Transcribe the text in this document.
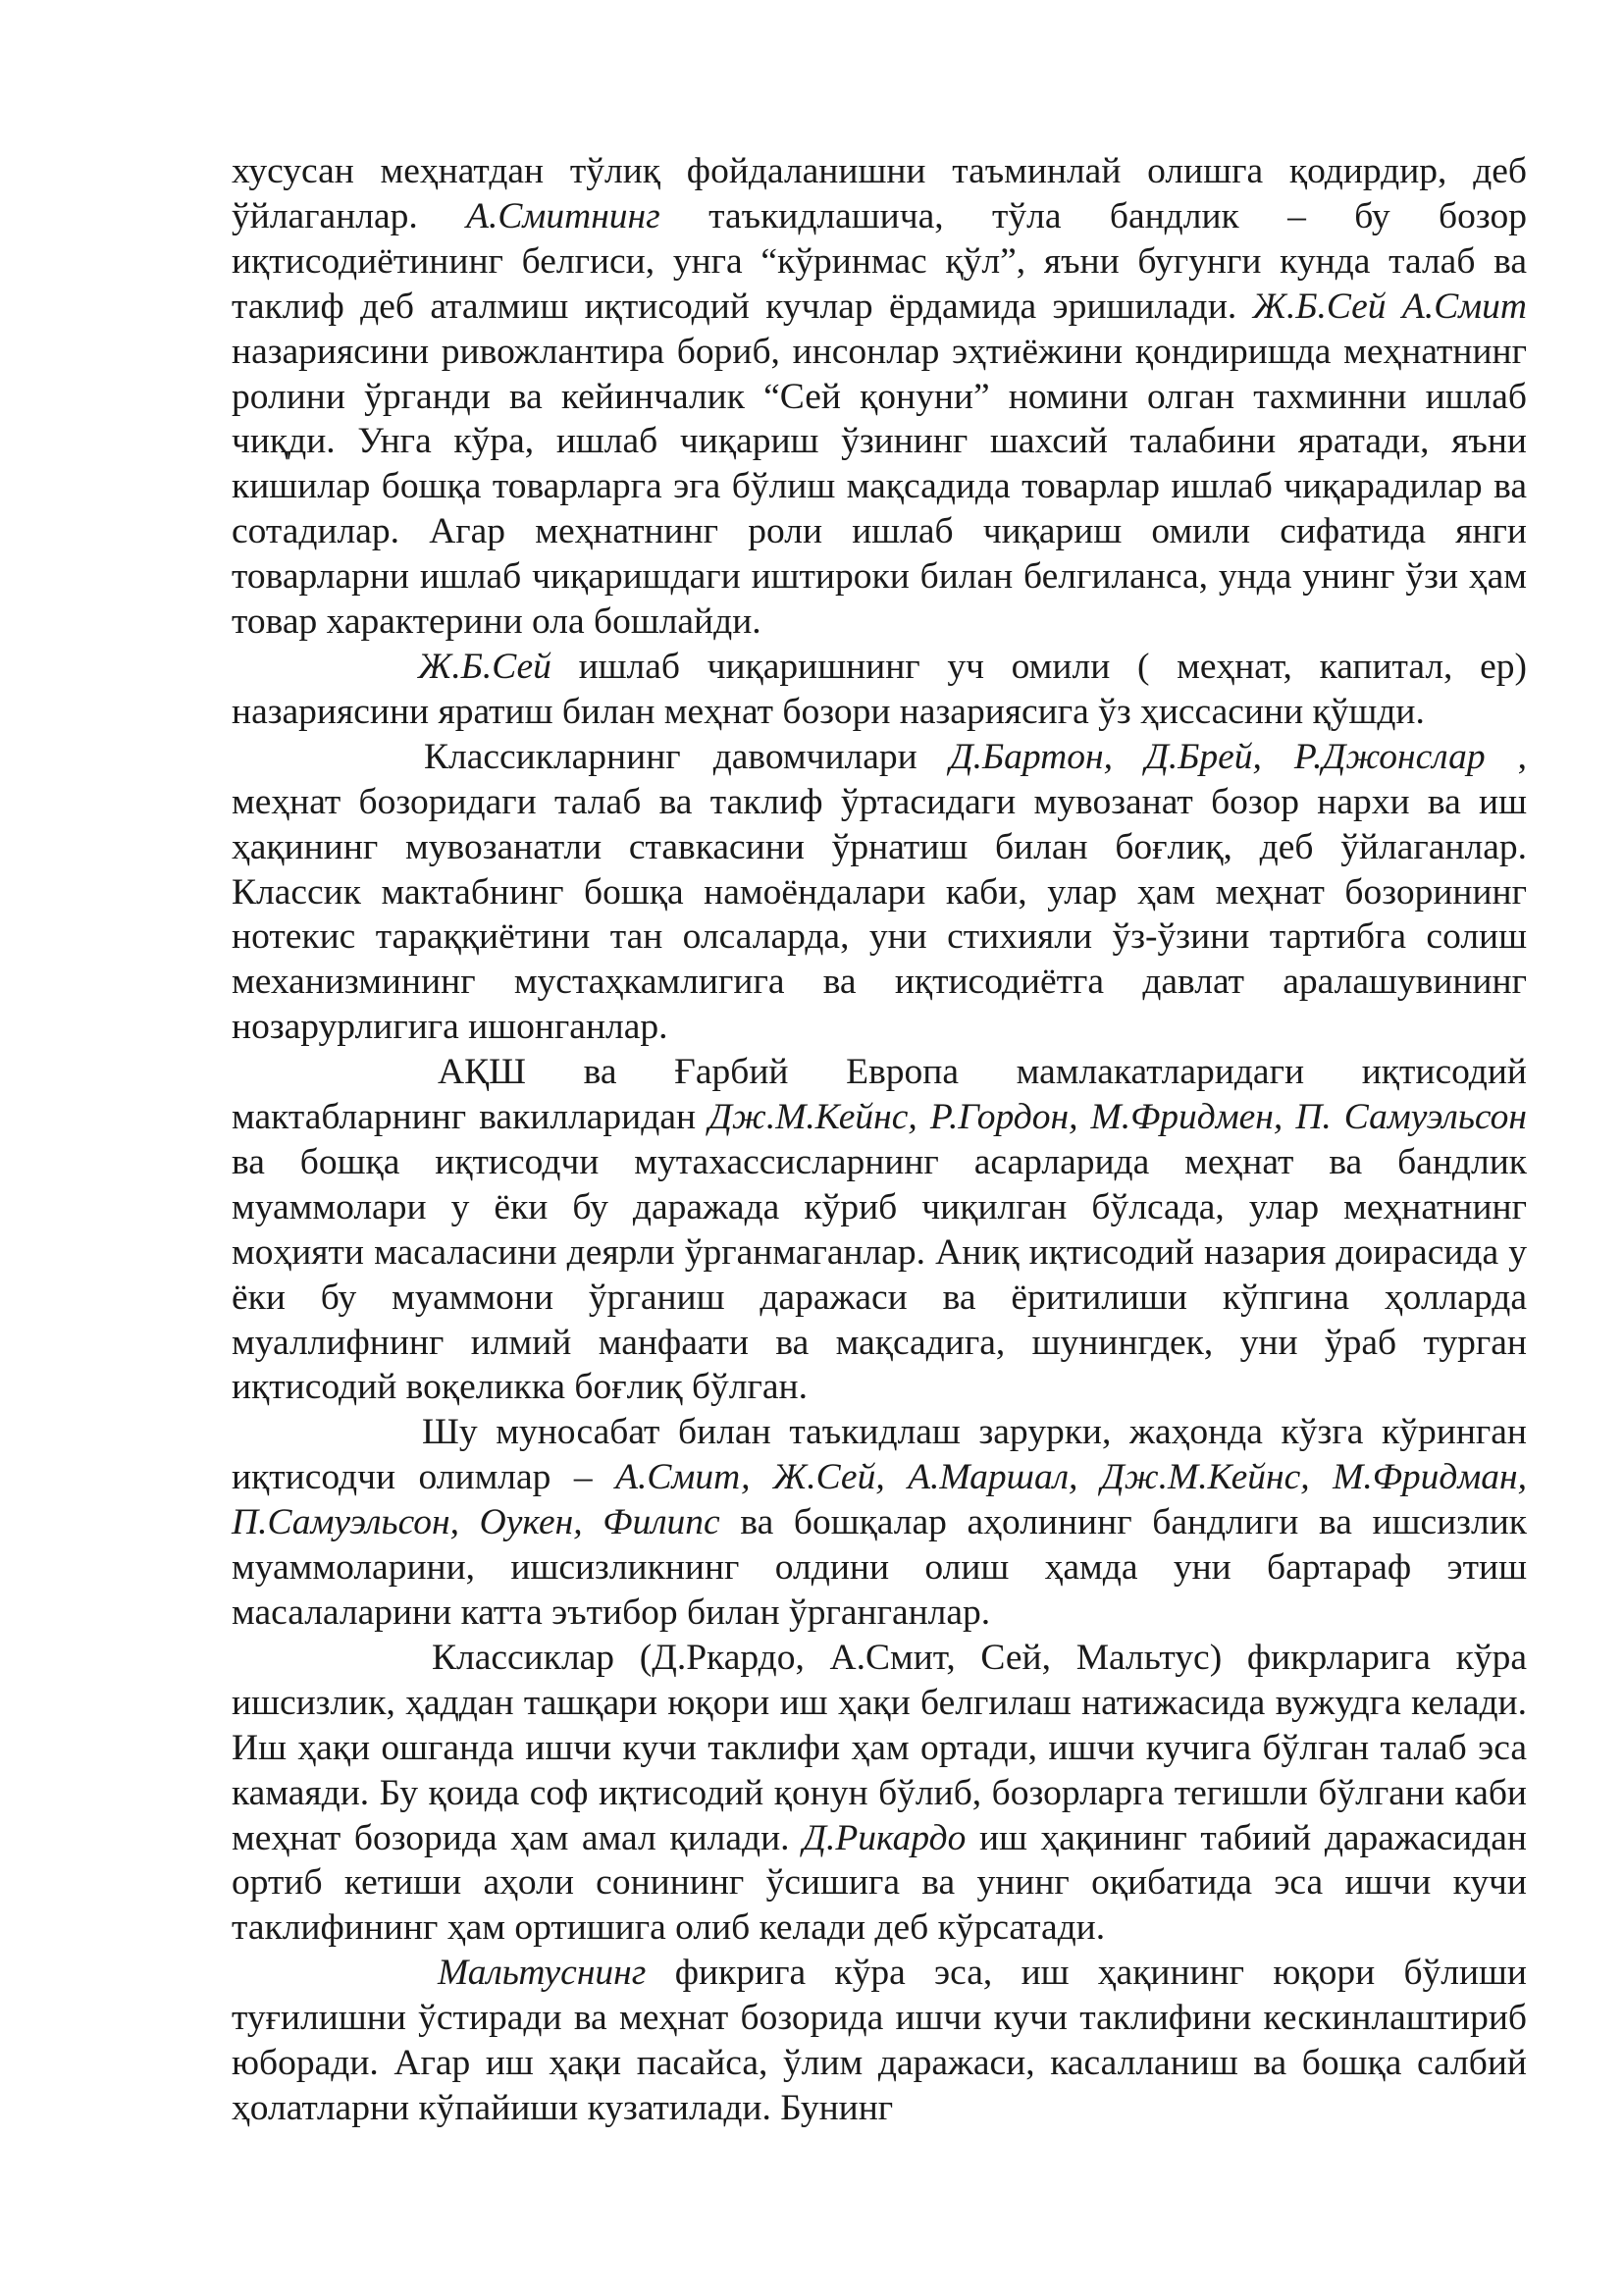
хусусан меҳнатдан тўлиқ фойдаланишни таъминлай олишга қодирдир, деб ўйлаганлар. А.Смитнинг таъкидлашича, тўла бандлик – бу бозор иқтисодиётининг белгиси, унга “кўринмас қўл”, яъни бугунги кунда талаб ва таклиф деб аталмиш иқтисодий кучлар ёрдамида эришилади. Ж.Б.Сей А.Смит назариясини ривожлантира бориб, инсонлар эҳтиёжини қондиришда меҳнатнинг ролини ўрганди ва кейинчалик “Сей қонуни” номини олган тахминни ишлаб чиқди. Унга кўра, ишлаб чиқариш ўзининг шахсий талабини яратади, яъни кишилар бошқа товарларга эга бўлиш мақсадида товарлар ишлаб чиқарадилар ва сотадилар. Агар меҳнатнинг роли ишлаб чиқариш омили сифатида янги товарларни ишлаб чиқаришдаги иштироки билан белгиланса, унда унинг ўзи ҳам товар характерини ола бошлайди.

Ж.Б.Сей ишлаб чиқаришнинг уч омили ( меҳнат, капитал, ер) назариясини яратиш билан меҳнат бозори назариясига ўз ҳиссасини қўшди.

Классикларнинг давомчилари Д.Бартон, Д.Брей, Р.Джонслар , меҳнат бозоридаги талаб ва таклиф ўртасидаги мувозанат бозор нархи ва иш ҳақининг мувозанатли ставкасини ўрнатиш билан боғлиқ, деб ўйлаганлар. Классик мактабнинг бошқа намоёндалари каби, улар ҳам меҳнат бозорининг нотекис тараққиётини тан олсаларда, уни стихияли ўз-ўзини тартибга солиш механизмининг мустаҳкамлигига ва иқтисодиётга давлат аралашувининг нозарурлигига ишонганлар.

АҚШ ва Ғарбий Европа мамлакатларидаги иқтисодий мактабларнинг вакилларидан Дж.М.Кейнс, Р.Гордон, М.Фридмен, П. Самуэльсон ва бошқа иқтисодчи мутахассисларнинг асарларида меҳнат ва бандлик муаммолари у ёки бу даражада кўриб чиқилган бўлсада, улар меҳнатнинг моҳияти масаласини деярли ўрганмаганлар. Аниқ иқтисодий назария доирасида у ёки бу муаммони ўрганиш даражаси ва ёритилиши кўпгина ҳолларда муаллифнинг илмий манфаати ва мақсадига, шунингдек, уни ўраб турган иқтисодий воқеликка боғлиқ бўлган.

Шу муносабат билан таъкидлаш зарурки, жаҳонда кўзга кўринган иқтисодчи олимлар – А.Смит, Ж.Сей, А.Маршал, Дж.М.Кейнс, М.Фридман, П.Самуэльсон, Оукен, Филипс ва бошқалар аҳолининг бандлиги ва ишсизлик муаммоларини, ишсизликнинг олдини олиш ҳамда уни бартараф этиш масалаларини катта эътибор билан ўрганганлар.

Классиклар (Д.Ркардо, А.Смит, Сей, Мальтус) фикрларига кўра ишсизлик, ҳаддан ташқари юқори иш ҳақи белгилаш натижасида вужудга келади. Иш ҳақи ошганда ишчи кучи таклифи ҳам ортади, ишчи кучига бўлган талаб эса камаяди. Бу қоида соф иқтисодий қонун бўлиб, бозорларга тегишли бўлгани каби меҳнат бозорида ҳам амал қилади. Д.Рикардо иш ҳақининг табиий даражасидан ортиб кетиши аҳоли сонининг ўсишига ва унинг оқибатида эса ишчи кучи таклифининг ҳам ортишига олиб келади деб кўрсатади.

Мальтуснинг фикрига кўра эса, иш ҳақининг юқори бўлиши туғилишни ўстиради ва меҳнат бозорида ишчи кучи таклифини кескинлаштириб юборади. Агар иш ҳақи пасайса, ўлим даражаси, касалланиш ва бошқа салбий ҳолатларни кўпайиши кузатилади. Бунинг
